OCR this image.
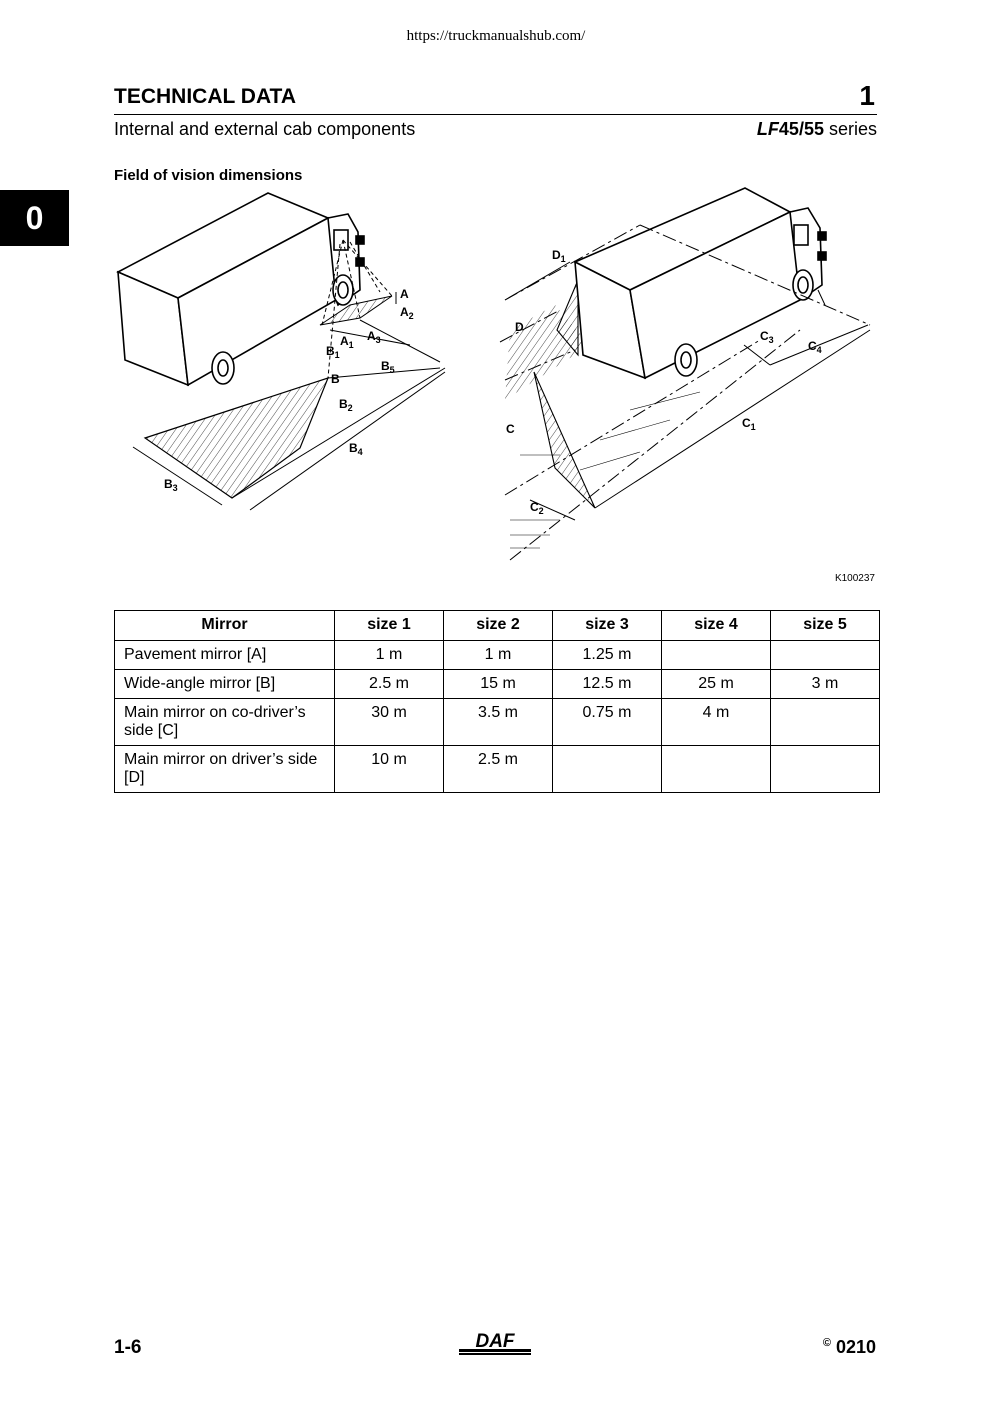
https://truckmanualshub.com/
TECHNICAL DATA	1
Internal and external cab components	LF45/55 series
0
Field of vision dimensions
A
$A_2$
$A_1$
$A_3$
$B_1$
B
$B_5$
$B_2$
$B_4$
$B_3$
$D_1$
D
$C_3$	$C_4$
C	$C_1$
$C_2$
K100237
Mirror	size 1	size 2	size 3	size 4	size 5
Pavement mirror [A]	1 m	1 m	1.25 m		
Wide-angle mirror [B]	2.5 m	15 m	12.5 m	25 m	3 m
Main mirror on co-driver’s side [C]	30 m	3.5 m	0.75 m	4 m	
Main mirror on driver’s side [D]	10 m	2.5 m			
1-6	DAF	© 0210
